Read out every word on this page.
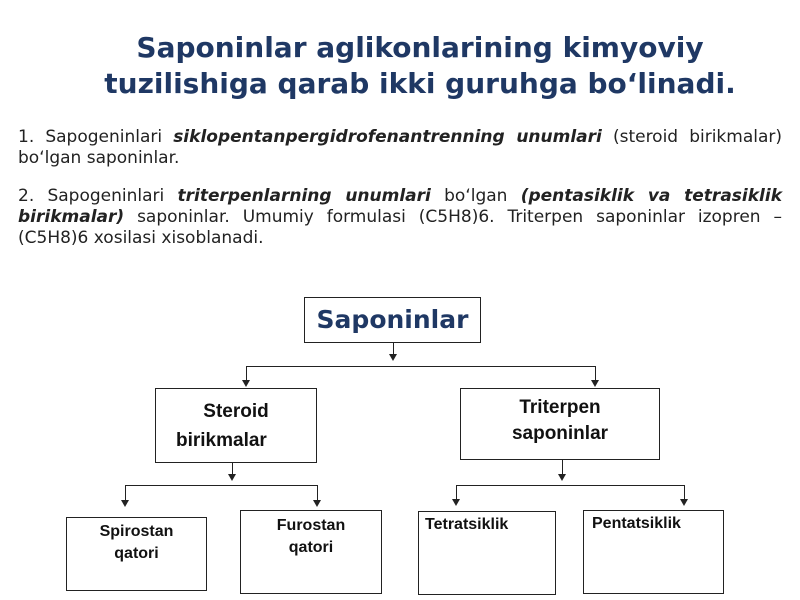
Saponinlar aglikonlarining kimyoviy
tuzilishiga qarab ikki guruhga bo‘linadi.

1. Sapogeninlari siklopentanpergidrofenantrenning unumlari (steroid birikmalar) bo‘lgan saponinlar.

2. Sapogeninlari triterpenlarning unumlari bo‘lgan (pentasiklik va tetrasiklik birikmalar) saponinlar. Umumiy formulasi (C5H8)6. Triterpen saponinlar izopren – (C5H8)6 xosilasi xisoblanadi.

Saponinlar
Steroid
birikmalar
Triterpen
saponinlar
Spirostan
qatori
Furostan
qatori
Tetratsiklik	Pentatsiklik
